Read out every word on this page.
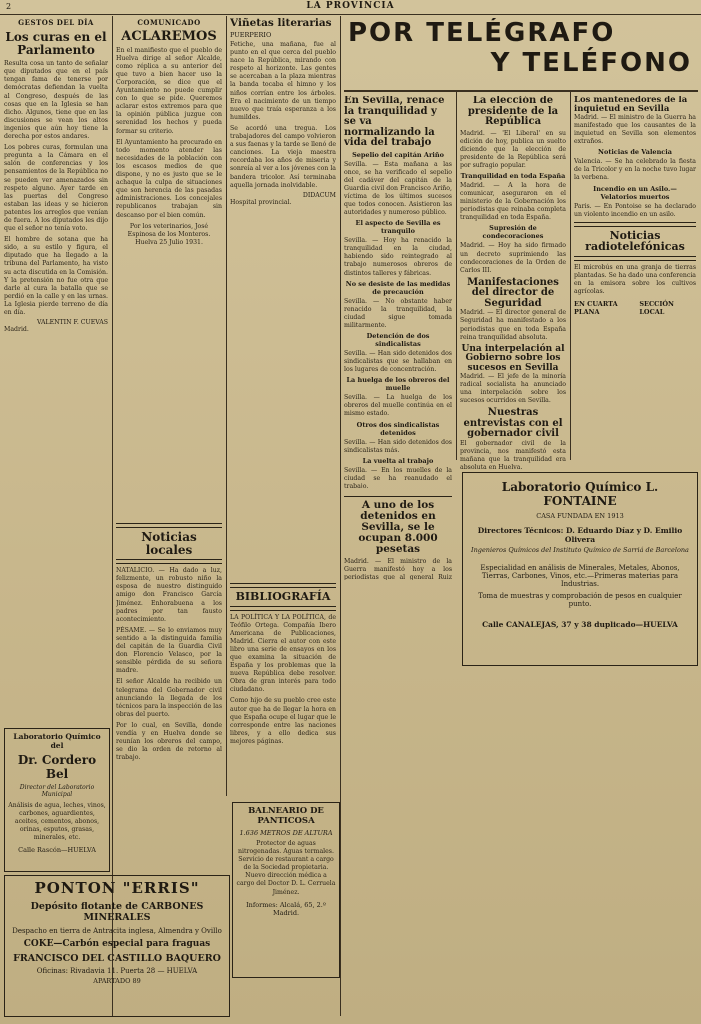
2	LA PROVINCIA
GESTOS DEL DÍA
Los curas en el Parlamento
Resulta cosa un tanto de señalar que diputados que en el país tengan fama de tenerse por demócratas defiendan la vuelta al Congreso, después de las cosas que en la Iglesia se han dicho. Algunos, tiene que en las discusiones se vean los altos ingenios que aún hoy tiene la derecha por estos andares.
Los pobres curas, formulan una pregunta a la Cámara en el salón de conferencias y los pensamientos de la República no se pueden ver amenazados sin respeto alguno. Ayer tarde en las puertas del Congreso estaban las ideas y se hicieron patentes los arreglos que venían de fuera. A los diputados les dijo que el señor no tenía voto.
El hombre de sotana que ha sido, a su estilo y figura, el diputado que ha llegado a la tribuna del Parlamento, ha visto su acta discutida en la Comisión. Y la pretensión no fue otra que darle al cura la batalla que se perdió en la calle y en las urnas. La Iglesia pierde terreno de día en día.
VALENTIN F. CUEVAS
Madrid.
Laboratorio Químico del
Dr. Cordero Bel
Director del Laboratorio Municipal
Análisis de agua, leches, vinos, carbones, aguardientes, aceites, cementos, abonos, orinas, esputos, grasas, minerales, etc.
Calle Rascón—HUELVA
COMUNICADO
ACLAREMOS
En el manifiesto que el pueblo de Huelva dirige al señor Alcalde, como réplica a su anterior del que tuvo a bien hacer uso la Corporación, se dice que el Ayuntamiento no puede cumplir con lo que se pide. Queremos aclarar estos extremos para que la opinión pública juzgue con serenidad los hechos y pueda formar su criterio.
El Ayuntamiento ha procurado en todo momento atender las necesidades de la población con los escasos medios de que dispone, y no es justo que se le achaque la culpa de situaciones que son herencia de las pasadas administraciones. Los concejales republicanos trabajan sin descanso por el bien común.
Por los veterinarios, José Espinosa de los Monteros.
Huelva 25 Julio 1931.
Noticias locales
NATALICIO. — Ha dado a luz, felizmente, un robusto niño la esposa de nuestro distinguido amigo don Francisco García Jiménez. Enhorabuena a los padres por tan fausto acontecimiento.
PÉSAME. — Se lo enviamos muy sentido a la distinguida familia del capitán de la Guardia Civil don Florencio Velasco, por la sensible pérdida de su señora madre.
El señor Alcalde ha recibido un telegrama del Gobernador civil anunciando la llegada de los técnicos para la inspección de las obras del puerto.
Por lo cual, en Sevilla, donde vendía y en Huelva donde se reunían los obreros del campo, se dio la orden de retorno al trabajo.
Viñetas literarias
PUERPERIO
Fetiche, una mañana, fue al punto en el que cerca del pueblo nace la República, mirando con respeto al horizonte. Las gentes se acercaban a la plaza mientras la banda tocaba el himno y los niños corrían entre los árboles. Era el nacimiento de un tiempo nuevo que traía esperanza a los humildes.
Se acordó una tregua. Los trabajadores del campo volvieron a sus faenas y la tarde se llenó de canciones. La vieja maestra recordaba los años de miseria y sonreía al ver a los jóvenes con la bandera tricolor. Así terminaba aquella jornada inolvidable.
DIDACUM
Hospital provincial.
BIBLIOGRAFÍA
LA POLÍTICA Y LA POLÍTICA, de Teófilo Ortega. Compañía Ibero Americana de Publicaciones, Madrid. Cierra el autor con este libro una serie de ensayos en los que examina la situación de España y los problemas que la nueva República debe resolver. Obra de gran interés para todo ciudadano.
Como hijo de su pueblo cree este autor que ha de llegar la hora en que España ocupe el lugar que le corresponde entre las naciones libres, y a ello dedica sus mejores páginas.
BALNEARIO DE PANTICOSA
1.636 METROS DE ALTURA
Protector de aguas nitrogenadas. Aguas termales. Servicio de restaurant a cargo de la Sociedad propietaria. Nuevo dirección médica a cargo del Doctor D. L. Cerruela Jiménez.
Informes: Alcalá, 65, 2.º Madrid.
PONTON "ERRIS"
Depósito flotante de CARBONES MINERALES
Despacho en tierra de Antracita inglesa, Almendra y Ovillo
COKE—Carbón especial para fraguas
FRANCISCO DEL CASTILLO BAQUERO
Oficinas: Rivadavia 11. Puerta 28 — HUELVA
APARTADO 89
POR TELÉGRAFO
Y TELÉFONO
En Sevilla, renace la tranquilidad y se va normalizando la vida del trabajo
Sepelio del capitán Ariño
Sevilla. — Esta mañana a las once, se ha verificado el sepelio del cadáver del capitán de la Guardia civil don Francisco Ariño, víctima de los últimos sucesos que todos conocen. Asistieron las autoridades y numeroso público.
El aspecto de Sevilla es tranquilo
Sevilla. — Hoy ha renacido la tranquilidad en la ciudad, habiendo sido reintegrado al trabajo numerosos obreros de distintos talleres y fábricas.
No se desiste de las medidas de precaución
Sevilla. — No obstante haber renacido la tranquilidad, la ciudad sigue tomada militarmente.
Detención de dos sindicalistas
Sevilla. — Han sido detenidos dos sindicalistas que se hallaban en los lugares de concentración.
La huelga de los obreros del muelle
Sevilla. — La huelga de los obreros del muelle continúa en el mismo estado.
Otros dos sindicalistas detenidos
Sevilla. — Han sido detenidos dos sindicalistas más.
La vuelta al trabajo
Sevilla. — En los muelles de la ciudad se ha reanudado el trabajo.
La elección de presidente de la República
Madrid. — 'El Liberal' en su edición de hoy, publica un suelto diciendo que la elección de presidente de la República será por sufragio popular.
Tranquilidad en toda España
Madrid. — A la hora de comunicar, aseguraron en el ministerio de la Gobernación los periodistas que reinaba completa tranquilidad en toda España.
Supresión de condecoraciones
Madrid. — Hoy ha sido firmado un decreto suprimiendo las condecoraciones de la Orden de Carlos III.
Manifestaciones del director de Seguridad
Madrid. — El director general de Seguridad ha manifestado a los periodistas que en toda España reina tranquilidad absoluta.
Una interpelación al Gobierno sobre los sucesos en Sevilla
Madrid. — El jefe de la minoría radical socialista ha anunciado una interpelación sobre los sucesos ocurridos en Sevilla.
Nuestras entrevistas con el gobernador civil
El gobernador civil de la provincia, nos manifestó esta mañana que la tranquilidad era absoluta en Huelva.
Los mantenedores de la inquietud en Sevilla
Madrid. — El ministro de la Guerra ha manifestado que los causantes de la inquietud en Sevilla son elementos extraños.
Noticias de Valencia
Valencia. — Se ha celebrado la fiesta de la Tricolor y en la noche tuvo lugar la verbena.
Incendio en un Asilo.— Velatorios muertos
Paris. — En Pontoise se ha declarado un violento incendio en un asilo.
Noticias radiotelefónicas
El microbús en una granja de tierras plantadas. Se ha dado una conferencia en la emisora sobre los cultivos agrícolas.
EN CUARTA PLANA
SECCIÓN LOCAL
A uno de los detenidos en Sevilla, se le ocupan 8.000 pesetas
Madrid. — El ministro de la Guerra manifestó hoy a los periodistas que al general Ruiz
Laboratorio Químico L. FONTAINE
CASA FUNDADA EN 1913
Directores Técnicos: D. Eduardo Díaz y D. Emilio Olivera
Ingenieros Químicos del Instituto Químico de Sarriá de Barcelona
Especialidad en análisis de Minerales, Metales, Abonos, Tierras, Carbones, Vinos, etc.—Primeras materias para Industrias.
Toma de muestras y comprobación de pesos en cualquier punto.
Calle CANALEJAS, 37 y 38 duplicado—HUELVA
